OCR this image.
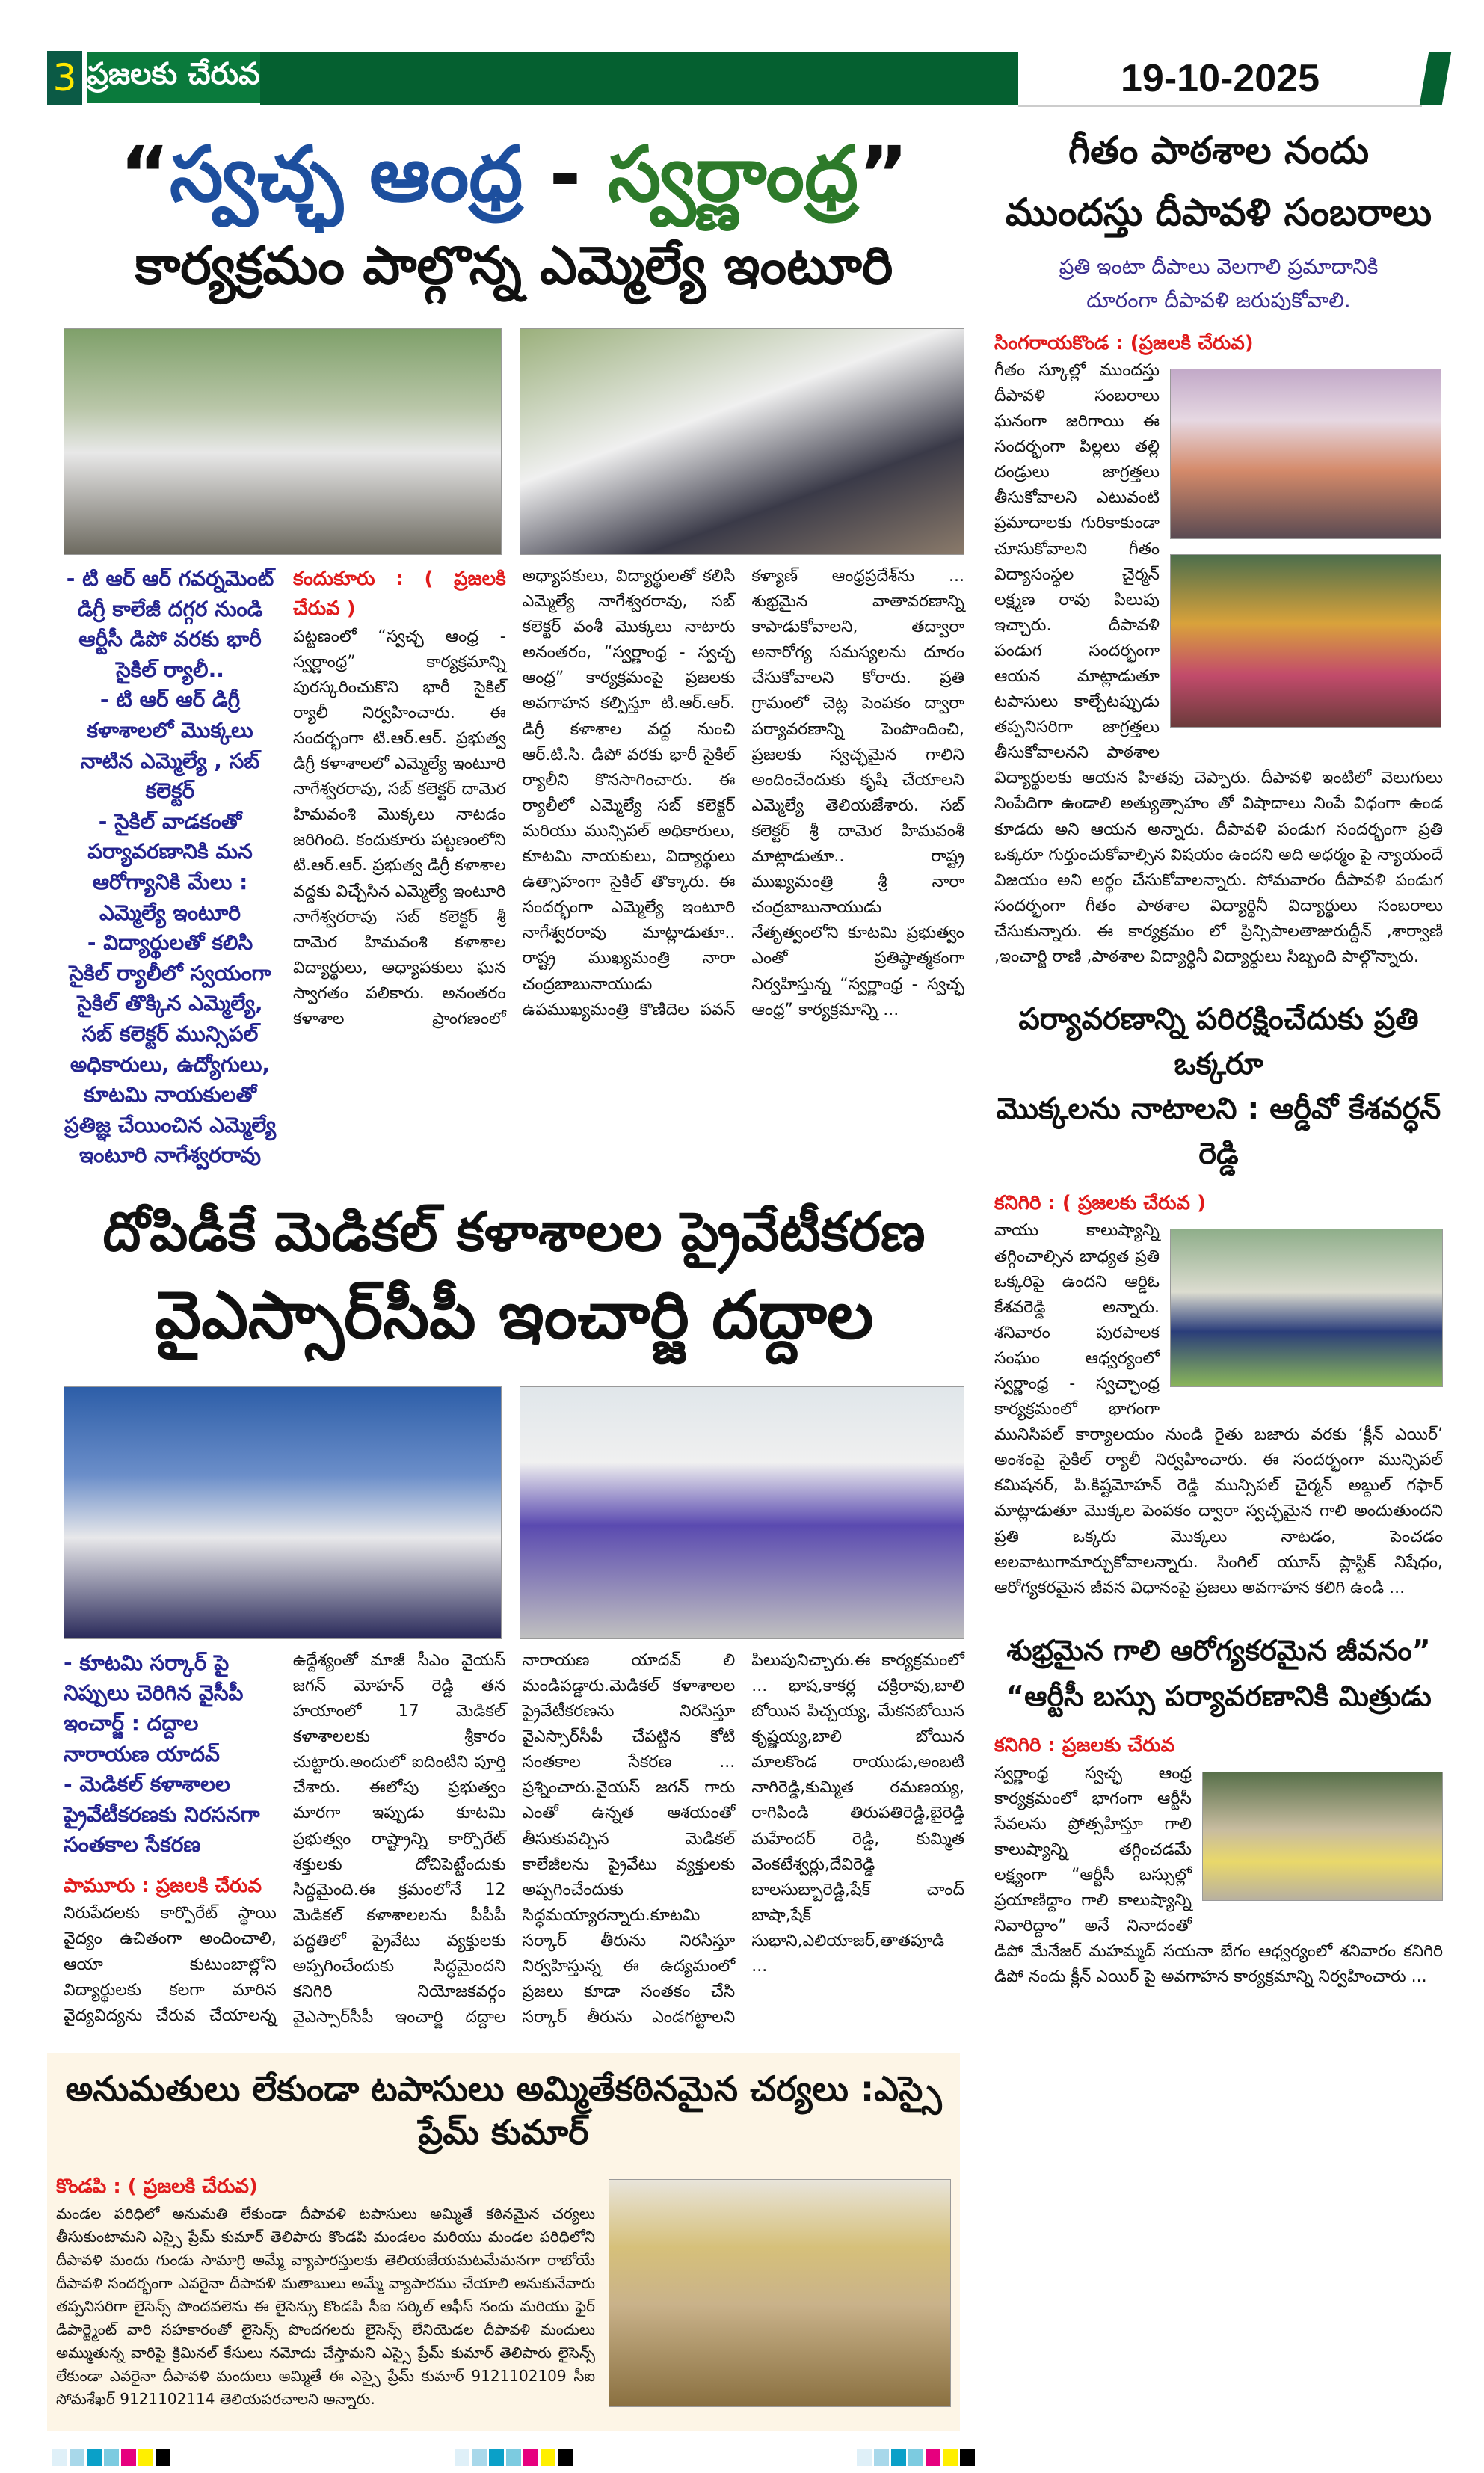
3 ప్రజలకు చేరువ	19-10-2025
“స్వచ్ఛ ఆంధ్ర - స్వర్ణాంధ్ర”
కార్యక్రమం పాల్గొన్న ఎమ్మెల్యే ఇంటూరి
- టి ఆర్ ఆర్ గవర్నమెంట్ డిగ్రీ కాలేజీ దగ్గర నుండి ఆర్టీసీ డిపో వరకు భారీ సైకిల్ ర్యాలీ..
- టి ఆర్ ఆర్ డిగ్రీ కళాశాలలో మొక్కలు నాటిన ఎమ్మెల్యే , సబ్ కలెక్టర్
- సైకిల్ వాడకంతో పర్యావరణానికి మన ఆరోగ్యానికి మేలు : ఎమ్మెల్యే ఇంటూరి
- విద్యార్థులతో కలిసి సైకిల్ ర్యాలీలో స్వయంగా సైకిల్ తొక్కిన ఎమ్మెల్యే, సబ్ కలెక్టర్ మున్సిపల్ అధికారులు, ఉద్యోగులు, కూటమి నాయకులతో ప్రతిజ్ఞ చేయించిన ఎమ్మెల్యే ఇంటూరి నాగేశ్వరరావు
కందుకూరు : ( ప్రజలకి చేరువ )
పట్టణంలో “స్వచ్ఛ ఆంధ్ర - స్వర్ణాంధ్ర” కార్యక్రమాన్ని పురస్కరించుకొని భారీ సైకిల్ ర్యాలీ నిర్వహించారు. ఈ సందర్భంగా టి.ఆర్.ఆర్. ప్రభుత్వ డిగ్రీ కళాశాలలో ఎమ్మెల్యే ఇంటూరి నాగేశ్వరరావు, సబ్ కలెక్టర్ దామెర హిమవంశి మొక్కలు నాటడం జరిగింది. కందుకూరు పట్టణంలోని టి.ఆర్.ఆర్. ప్రభుత్వ డిగ్రీ కళాశాల వద్దకు విచ్చేసిన ఎమ్మెల్యే ఇంటూరి నాగేశ్వరరావు సబ్ కలెక్టర్ శ్రీ దామెర హిమవంశి కళాశాల విద్యార్థులు, అధ్యాపకులు ఘన స్వాగతం పలికారు. అనంతరం కళాశాల ప్రాంగణంలో అధ్యాపకులు, విద్యార్థులతో కలిసి ఎమ్మెల్యే నాగేశ్వరరావు, సబ్ కలెక్టర్ వంశీ మొక్కలు నాటారు అనంతరం, “స్వర్ణాంధ్ర - స్వచ్ఛ ఆంధ్ర” కార్యక్రమంపై ప్రజలకు అవగాహన కల్పిస్తూ టి.ఆర్.ఆర్. డిగ్రీ కళాశాల వద్ద నుంచి ఆర్.టి.సి. డిపో వరకు భారీ సైకిల్ ర్యాలీని కొనసాగించారు. ఈ ర్యాలీలో ఎమ్మెల్యే సబ్ కలెక్టర్ మరియు మున్సిపల్ అధికారులు, కూటమి నాయకులు, విద్యార్థులు ఉత్సాహంగా సైకిల్ తొక్కారు. ఈ సందర్భంగా ఎమ్మెల్యే ఇంటూరి నాగేశ్వరరావు మాట్లాడుతూ.. రాష్ట్ర ముఖ్యమంత్రి నారా చంద్రబాబునాయుడు ఉపముఖ్యమంత్రి కొణిదెల పవన్ కళ్యాణ్ ఆంధ్రప్రదేశ్‌ను ... శుభ్రమైన వాతావరణాన్ని కాపాడుకోవాలని, తద్వారా అనారోగ్య సమస్యలను దూరం చేసుకోవాలని కోరారు. ప్రతి గ్రామంలో చెట్ల పెంపకం ద్వారా పర్యావరణాన్ని పెంపొందించి, ప్రజలకు స్వచ్ఛమైన గాలిని అందించేందుకు కృషి చేయాలని ఎమ్మెల్యే తెలియజేశారు. సబ్ కలెక్టర్ శ్రీ దామెర హిమవంశీ మాట్లాడుతూ.. రాష్ట్ర ముఖ్యమంత్రి శ్రీ నారా చంద్రబాబునాయుడు నేతృత్వంలోని కూటమి ప్రభుత్వం ఎంతో ప్రతిష్ఠాత్మకంగా నిర్వహిస్తున్న “స్వర్ణాంధ్ర - స్వచ్ఛ ఆంధ్ర” కార్యక్రమాన్ని ...
దోపిడీకే మెడికల్ కళాశాలల ప్రైవేటీకరణ
వైఎస్సార్‌సీపీ ఇంచార్జి దద్దాల
- కూటమి సర్కార్ పై నిప్పులు చెరిగిన వైసీపీ ఇంచార్జ్ : దద్దాల నారాయణ యాదవ్
- మెడికల్ కళాశాలల ప్రైవేటీకరణకు నిరసనగా సంతకాల సేకరణ
పామూరు : ప్రజలకి చేరువ
నిరుపేదలకు కార్పొరేట్ స్థాయి వైద్యం ఉచితంగా అందించాలి, ఆయా కుటుంబాల్లోని విద్యార్థులకు కలగా మారిన వైద్యవిద్యను చేరువ చేయాలన్న ఉద్దేశ్యంతో మాజీ సీఎం వైయస్ జగన్ మోహన్ రెడ్డి తన హయాంలో 17 మెడికల్ కళాశాలలకు శ్రీకారం చుట్టారు.అందులో ఐదింటిని పూర్తి చేశారు. ఈలోపు ప్రభుత్వం మారగా ఇప్పుడు కూటమి ప్రభుత్వం రాష్ట్రాన్ని కార్పొరేట్ శక్తులకు దోచిపెట్టేందుకు సిద్ధమైంది.ఈ క్రమంలోనే 12 మెడికల్ కళాశాలలను పీపీపీ పద్ధతిలో ప్రైవేటు వ్యక్తులకు అప్పగించేందుకు సిద్ధమైందని కనిగిరి నియోజకవర్గం వైఎస్సార్‌సీపీ ఇంచార్జి దద్దాల నారాయణ యాదవ్ లి మండిపడ్డారు.మెడికల్ కళాశాలల ప్రైవేటీకరణను నిరసిస్తూ వైఎస్సార్‌సీపీ చేపట్టిన కోటి సంతకాల సేకరణ ... ప్రశ్నించారు.వైయస్ జగన్ గారు ఎంతో ఉన్నత ఆశయంతో తీసుకువచ్చిన మెడికల్ కాలేజీలను ప్రైవేటు వ్యక్తులకు అప్పగించేందుకు సిద్ధమయ్యారన్నారు.కూటమి సర్కార్ తీరును నిరసిస్తూ నిర్వహిస్తున్న ఈ ఉద్యమంలో ప్రజలు కూడా సంతకం చేసి సర్కార్ తీరును ఎండగట్టాలని పిలుపునిచ్చారు.ఈ కార్యక్రమంలో ... భాష,కాకర్ల చక్రిరావు,బాలి బోయిన పిచ్చయ్య, మేకనబోయిన కృష్ణయ్య,బాలి బోయిన మాలకొండ రాయుడు,అంబటి నాగిరెడ్డి,కుమ్మిత రమణయ్య, రాగిపిండి తిరుపతిరెడ్డి,బైరెడ్డి మహేందర్ రెడ్డి, కుమ్మిత వెంకటేశ్వర్లు,దేవిరెడ్డి బాలసుబ్బారెడ్డి,షేక్ చాంద్ బాషా,షేక్ సుభాని,ఎలియాజర్,తాతపూడి ...
అనుమతులు లేకుండా టపాసులు అమ్మితేకఠినమైన చర్యలు :ఎస్సై ప్రేమ్ కుమార్
కొండపి : ( ప్రజలకి చేరువ)
మండల పరిధిలో అనుమతి లేకుండా దీపావళి టపాసులు అమ్మితే కఠినమైన చర్యలు తీసుకుంటామని ఎస్సై ప్రేమ్ కుమార్ తెలిపారు కొండపి మండలం మరియు మండల పరిధిలోని దీపావళి మందు గుండు సామాగ్రి అమ్మే వ్యాపారస్తులకు తెలియజేయమటమేమనగా రాబోయే దీపావళి సందర్భంగా ఎవరైనా దీపావళి మతాబులు అమ్మే వ్యాపారము చేయాలి అనుకునేవారు తప్పనిసరిగా లైసెన్స్ పొందవలెను ఈ లైసెన్సు కొండపి సీఐ సర్కిల్ ఆఫీస్ నందు మరియు ఫైర్ డిపార్ట్మెంట్ వారి సహకారంతో లైసెన్స్ పొందగలరు లైసెన్స్ లేనియెడల దీపావళి మందులు అమ్ముతున్న వారిపై క్రిమినల్ కేసులు నమోదు చేస్తామని ఎస్సై ప్రేమ్ కుమార్ తెలిపారు లైసెన్స్ లేకుండా ఎవరైనా దీపావళి మందులు అమ్మితే ఈ ఎస్సై ప్రేమ్ కుమార్ 9121102109 సీఐ సోమశేఖర్ 9121102114 తెలియపరచాలని అన్నారు.
గీతం పాఠశాల నందు
ముందస్తు దీపావళి సంబరాలు
ప్రతి ఇంటా దీపాలు వెలగాలి ప్రమాదానికి
దూరంగా దీపావళి జరుపుకోవాలి.
సింగరాయకొండ : (ప్రజలకి చేరువ)
గీతం స్కూల్లో ముందస్తు దీపావళి సంబరాలు ఘనంగా జరిగాయి ఈ సందర్భంగా పిల్లలు తల్లి దండ్రులు జాగ్రత్తలు తీసుకోవాలని ఎటువంటి ప్రమాదాలకు గురికాకుండా చూసుకోవాలని గీతం విద్యాసంస్థల చైర్మన్ లక్ష్మణ రావు పిలుపు ఇచ్చారు. దీపావళి పండుగ సందర్భంగా ఆయన మాట్లాడుతూ టపాసులు కాల్చేటప్పుడు తప్పనిసరిగా జాగ్రత్తలు తీసుకోవాలనని పాఠశాల విద్యార్థులకు ఆయన హితవు చెప్పారు. దీపావళి ఇంటిలో వెలుగులు నింపేదిగా ఉండాలి అత్యుత్సాహం తో విషాదాలు నింపే విధంగా ఉండ కూడదు అని ఆయన అన్నారు. దీపావళి పండుగ సందర్భంగా ప్రతి ఒక్కరూ గుర్తుంచుకోవాల్సిన విషయం ఉందని అది అధర్మం పై న్యాయందే విజయం అని అర్థం చేసుకోవాలన్నారు. సోమవారం దీపావళి పండుగ సందర్భంగా గీతం పాఠశాల విద్యార్థినీ విద్యార్థులు సంబరాలు చేసుకున్నారు. ఈ కార్యక్రమం లో ప్రిన్సిపాలతాజురుద్దీన్ ,శార్వాణి ,ఇంచార్జి రాణి ,పాఠశాల విద్యార్థినీ విద్యార్థులు సిబ్బంది పాల్గొన్నారు.
పర్యావరణాన్ని పరిరక్షించేదుకు ప్రతి ఒక్కరూ
మొక్కలను నాటాలని : ఆర్డీవో కేశవర్ధన్ రెడ్డి
కనిగిరి : ( ప్రజలకు చేరువ )
వాయు కాలుష్యాన్ని తగ్గించాల్సిన బాధ్యత ప్రతి ఒక్కరిపై ఉందని ఆర్డిఓ కేశవరెడ్డి అన్నారు. శనివారం పురపాలక సంఘం ఆధ్వర్యంలో స్వర్ణాంధ్ర - స్వచ్ఛాంధ్ర కార్యక్రమంలో భాగంగా మునిసిపల్ కార్యాలయం నుండి రైతు బజారు వరకు ‘క్లీన్ ఎయిర్’ అంశంపై సైకిల్ ర్యాలీ నిర్వహించారు. ఈ సందర్భంగా మున్సిపల్ కమిషనర్, పి.కిష్టమోహన్ రెడ్డి మున్సిపల్ చైర్మన్ అబ్దుల్ గఫార్ మాట్లాడుతూ మొక్కల పెంపకం ద్వారా స్వచ్ఛమైన గాలి అందుతుందని ప్రతి ఒక్కరు మొక్కలు నాటడం, పెంచడం అలవాటుగామార్చుకోవాలన్నారు. సింగిల్ యూస్ ప్లాస్టిక్ నిషేధం, ఆరోగ్యకరమైన జీవన విధానంపై ప్రజలు అవగాహన కలిగి ఉండి ...
శుభ్రమైన గాలి ఆరోగ్యకరమైన జీవనం”
“ఆర్టీసీ బస్సు పర్యావరణానికి మిత్రుడు
కనిగిరి : ప్రజలకు చేరువ
స్వర్ణాంధ్ర స్వచ్ఛ ఆంధ్ర కార్యక్రమంలో భాగంగా ఆర్టీసీ సేవలను ప్రోత్సహిస్తూ గాలి కాలుష్యాన్ని తగ్గించడమే లక్ష్యంగా “ఆర్టీసీ బస్సుల్లో ప్రయాణిద్దాం గాలి కాలుష్యాన్ని నివారిద్దాం” అనే నినాదంతో డిపో మేనేజర్ మహమ్మద్ సయనా బేగం ఆధ్వర్యంలో శనివారం కనిగిరి డిపో నందు క్లీన్ ఎయిర్ పై అవగాహన కార్యక్రమాన్ని నిర్వహించారు ...
